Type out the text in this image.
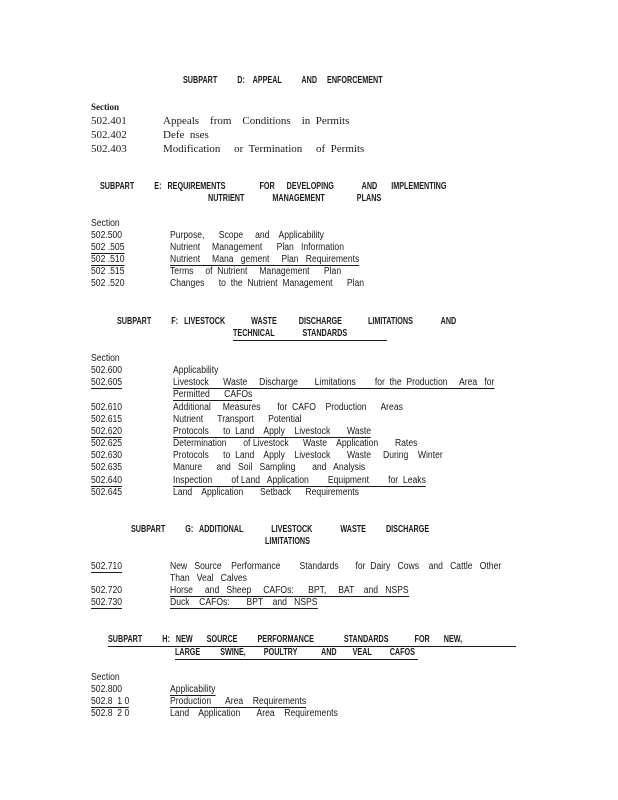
SUBPART          D:    APPEAL          AND     ENFORCEMENT
Section
502.401	Appeals    from    Conditions    in  Permits
502.402	Defe  nses
502.403	Modification     or  Termination     of  Permits
SUBPART          E:   REQUIREMENTS                 FOR      DEVELOPING              AND       IMPLEMENTING
NUTRIENT              MANAGEMENT                PLANS
Section
502.500	Purpose,      Scope     and    Applicability
502 .505	Nutrient     Management      Plan   Information
502 .510	Nutrient     Mana   gement     Plan   Requirements
502 .515	Terms     of  Nutrient     Management      Plan
502 .520	Changes      to  the  Nutrient  Management      Plan
SUBPART          F:   LIVESTOCK             WASTE           DISCHARGE             LIMITATIONS              AND
TECHNICAL              STANDARDS
Section
502.600	Applicability
502.605	Livestock      Waste     Discharge       Limitations        for  the  Production     Area   for
Permitted      CAFOs
502.610	Additional     Measures       for  CAFO    Production      Areas
502.615	Nutrient      Transport      Potential
502.620	Protocols      to  Land    Apply    Livestock       Waste
502.625	Determination       of Livestock      Waste    Application       Rates
502.630	Protocols      to  Land    Apply    Livestock       Waste     During    Winter
502.635	Manure      and   Soil   Sampling       and   Analysis
502.640	Inspection        of Land   Application        Equipment        for  Leaks
502.645	Land    Application       Setback      Requirements
SUBPART          G:   ADDITIONAL              LIVESTOCK              WASTE          DISCHARGE
LIMITATIONS
502.710	New   Source    Performance        Standards       for  Dairy   Cows    and   Cattle   Other
Than   Veal   Calves
502.720	Horse     and   Sheep     CAFOs:      BPT,     BAT    and   NSPS
502.730	Duck    CAFOs:       BPT    and   NSPS
SUBPART          H:   NEW       SOURCE          PERFORMANCE               STANDARDS             FOR       NEW,
LARGE          SWINE,         POULTRY            AND        VEAL         CAFOS
Section
502.800	Applicability
502.8  1 0	Production      Area    Requirements
502.8  2 0	Land    Application       Area    Requirements
